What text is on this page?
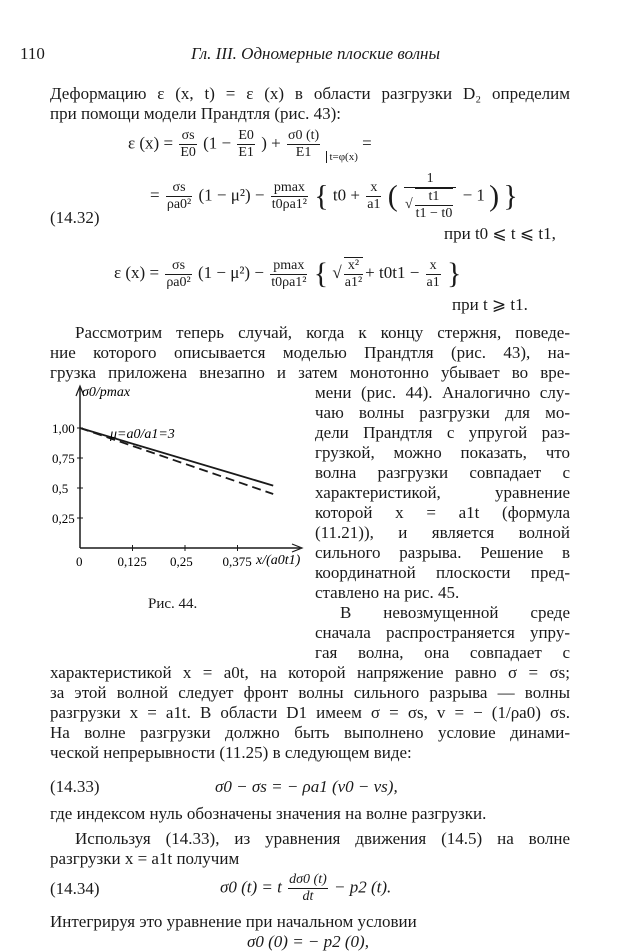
110	Гл. III. Одномерные плоские волны
Деформацию ε (x, t) = ε (x) в области разгрузки D₂ определим
при помощи модели Прандтля (рис. 43):
ε $(x) = \frac{\sigma s}{E0} (1 - \frac{E0}{E1}$ ) + $\frac{\sigma 0 (t)}{E1} _{t=\varphi(x)}$ =
= $\frac{\sigma s}{\text{ρa0²}} (1 - \mu^2) - \frac{pmax}{\text{t0ρa1²}}$ { $t0 + \frac{x}{a1}$ ( $\frac{1}{√ \frac{t1}{t1 - t0}} - 1$ ) }
(14.32)
при t0 ⩽ t ⩽ t1,
ε $(x) = \frac{\sigma s}{\text{ρa0²}} (1 - \mu^2) - \frac{pmax}{\text{t0ρa1²}}$ { √ $\frac{\text{x²}}{\text{a1²}} + t0t1 - \frac{x}{a1}$ }
при t ⩾ t1.
Рассмотрим теперь случай, когда к концу стержня, поведе-
ние которого описывается моделью Прандтля (рис. 43), на-
грузка приложена внезапно и затем монотонно убывает во вре-
мени (рис. 44). Аналогично слу-
чаю волны разгрузки для мо-
дели Прандтля с упругой раз-
грузкой, можно показать, что
волна разгрузки совпадает с
характеристикой, уравнение
которой x = a1t (формула
(11.21)), и является волной
сильного разрыва. Решение в
координатной плоскости пред-
ставлено на рис. 45.
В невозмущенной среде
сначала распространяется упру-
гая волна, она совпадает с
0,25
0,5
0,75
1,00
0,125 0,25 0,375
σ0/pmax
x/(a0t1)
μ=a0/a1=3
0
Рис. 44.
характеристикой x = a0t, на которой напряжение равно σ = σs;
за этой волной следует фронт волны сильного разрыва — волны
разгрузки x = a1t. В области D1 имеем σ = σs, v = − (1/ρa0) σs.
На волне разгрузки должно быть выполнено условие динами-
ческой непрерывности (11.25) в следующем виде:
(14.33)	σ0 − σs = − ρa1 (v0 − vs),
где индексом нуль обозначены значения на волне разгрузки.
Используя (14.33), из уравнения движения (14.5) на волне
разгрузки x = a1t получим
(14.34)	σ0 (t) = t $\frac{d\sigma 0 (t)}{dt} - p2$ (t).
Интегрируя это уравнение при начальном условии
σ0 (0) = − p2 (0),
